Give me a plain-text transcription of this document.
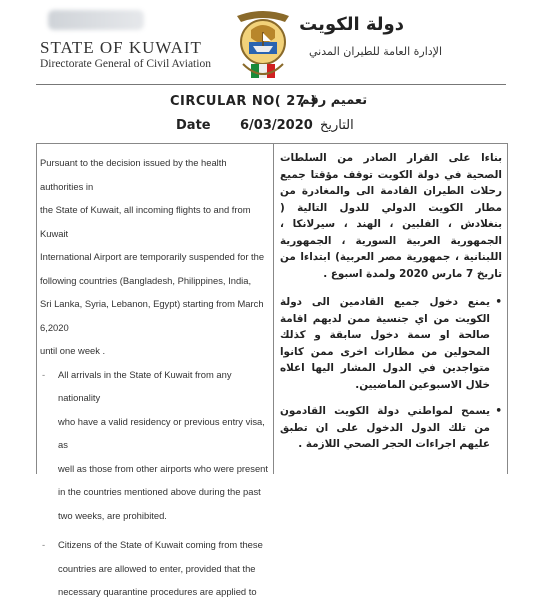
STATE OF KUWAIT
Directorate General of Civil Aviation
دولة الكويت
الإدارة العامة للطيران المدني
CIRCULAR NO( 27 )
تعميم رقم
Date 6/03/2020 التاريخ

Pursuant to the decision issued by the health authorities in

the State of Kuwait, all incoming flights to and from Kuwait

International Airport are temporarily suspended for the

following countries (Bangladesh, Philippines, India,

Sri Lanka, Syria, Lebanon, Egypt) starting from March 6,2020

until one week .

- All arrivals in the State of Kuwait from any nationality

who have a valid residency or previous entry visa, as

well as those from other airports who were present

in the countries mentioned above during the past

two weeks, are prohibited.

- Citizens of the State of Kuwait coming from these

countries are allowed to enter, provided that the

necessary quarantine procedures are applied to

بناءا على القرار الصادر من السلطات الصحية في دولة الكويت توقف مؤقتا جميع رحلات الطيران القادمة الى والمغادرة من مطار الكويت الدولي للدول التالية ( بنغلادش ، الفلبين ، الهند ، سيرلانكا ، الجمهورية العربية السورية ، الجمهورية اللبنانية ، جمهورية مصر العربية) ابتداءا من تاريخ 7 مارس 2020 ولمدة اسبوع .

• يمنع دخول جميع القادمين الى دولة الكويت من اي جنسية ممن لديهم اقامة صالحة او سمة دخول سابقة و كذلك المحولين من مطارات اخرى ممن كانوا متواجدين في الدول المشار اليها اعلاه خلال الاسبوعين الماضيين.

• يسمح لمواطني دولة الكويت القادمون من تلك الدول الدخول على ان تطبق عليهم اجراءات الحجر الصحي اللازمة .
